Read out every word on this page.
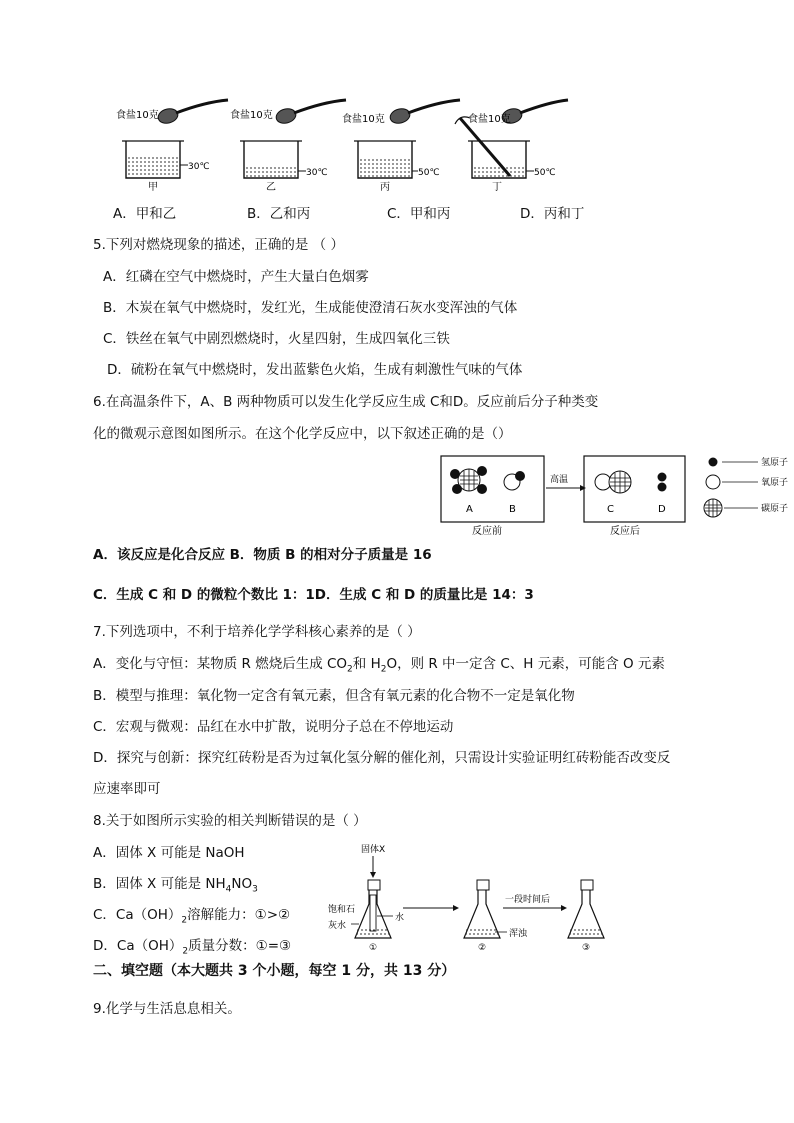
食盐10克	食盐10克	食盐10克	食盐10克
30℃
30℃	50℃	50℃
甲	乙	丙	丁
A．甲和乙	B．乙和丙	C．甲和丙	D．丙和丁
5.下列对燃烧现象的描述，正确的是 （ ）
A．红磷在空气中燃烧时，产生大量白色烟雾
B．木炭在氧气中燃烧时，发红光，生成能使澄清石灰水变浑浊的气体
C．铁丝在氧气中剧烈燃烧时，火星四射，生成四氧化三铁
D．硫粉在氧气中燃烧时，发出蓝紫色火焰，生成有刺激性气味的气体
6.在高温条件下，A、B 两种物质可以发生化学反应生成 C和D。反应前后分子种类变
化的微观示意图如图所示。在这个化学反应中，以下叙述正确的是（）
A	B
反应前
高温
C	D
反应后
氢原子
氧原子
碳原子
A．该反应是化合反应 B．物质 B 的相对分子质量是 16
C．生成 C 和 D 的微粒个数比 1：1D．生成 C 和 D 的质量比是 14：3
7.下列选项中，不利于培养化学学科核心素养的是（ ）
A．变化与守恒：某物质 R 燃烧后生成 $CO_2$和 $H_2O$，则 R 中一定含 C、H 元素，可能含 O 元素
B．模型与推理：氧化物一定含有氧元素，但含有氧元素的化合物不一定是氧化物
C．宏观与微观：品红在水中扩散，说明分子总在不停地运动
D．探究与创新：探究红砖粉是否为过氧化氢分解的催化剂，只需设计实验证明红砖粉能否改变反
应速率即可
8.关于如图所示实验的相关判断错误的是（ ）
A．固体 X 可能是 NaOH
B．固体 X 可能是 $NH_4NO_3$
C．$Ca(OH)_2$溶解能力：①>②
D．$Ca(OH)_2$质量分数：①=③
固体X
饱和石
灰水
水
①
浑浊
②
一段时间后
③
二、填空题（本大题共 3 个小题，每空 1 分，共 13 分）
9.化学与生活息息相关。
